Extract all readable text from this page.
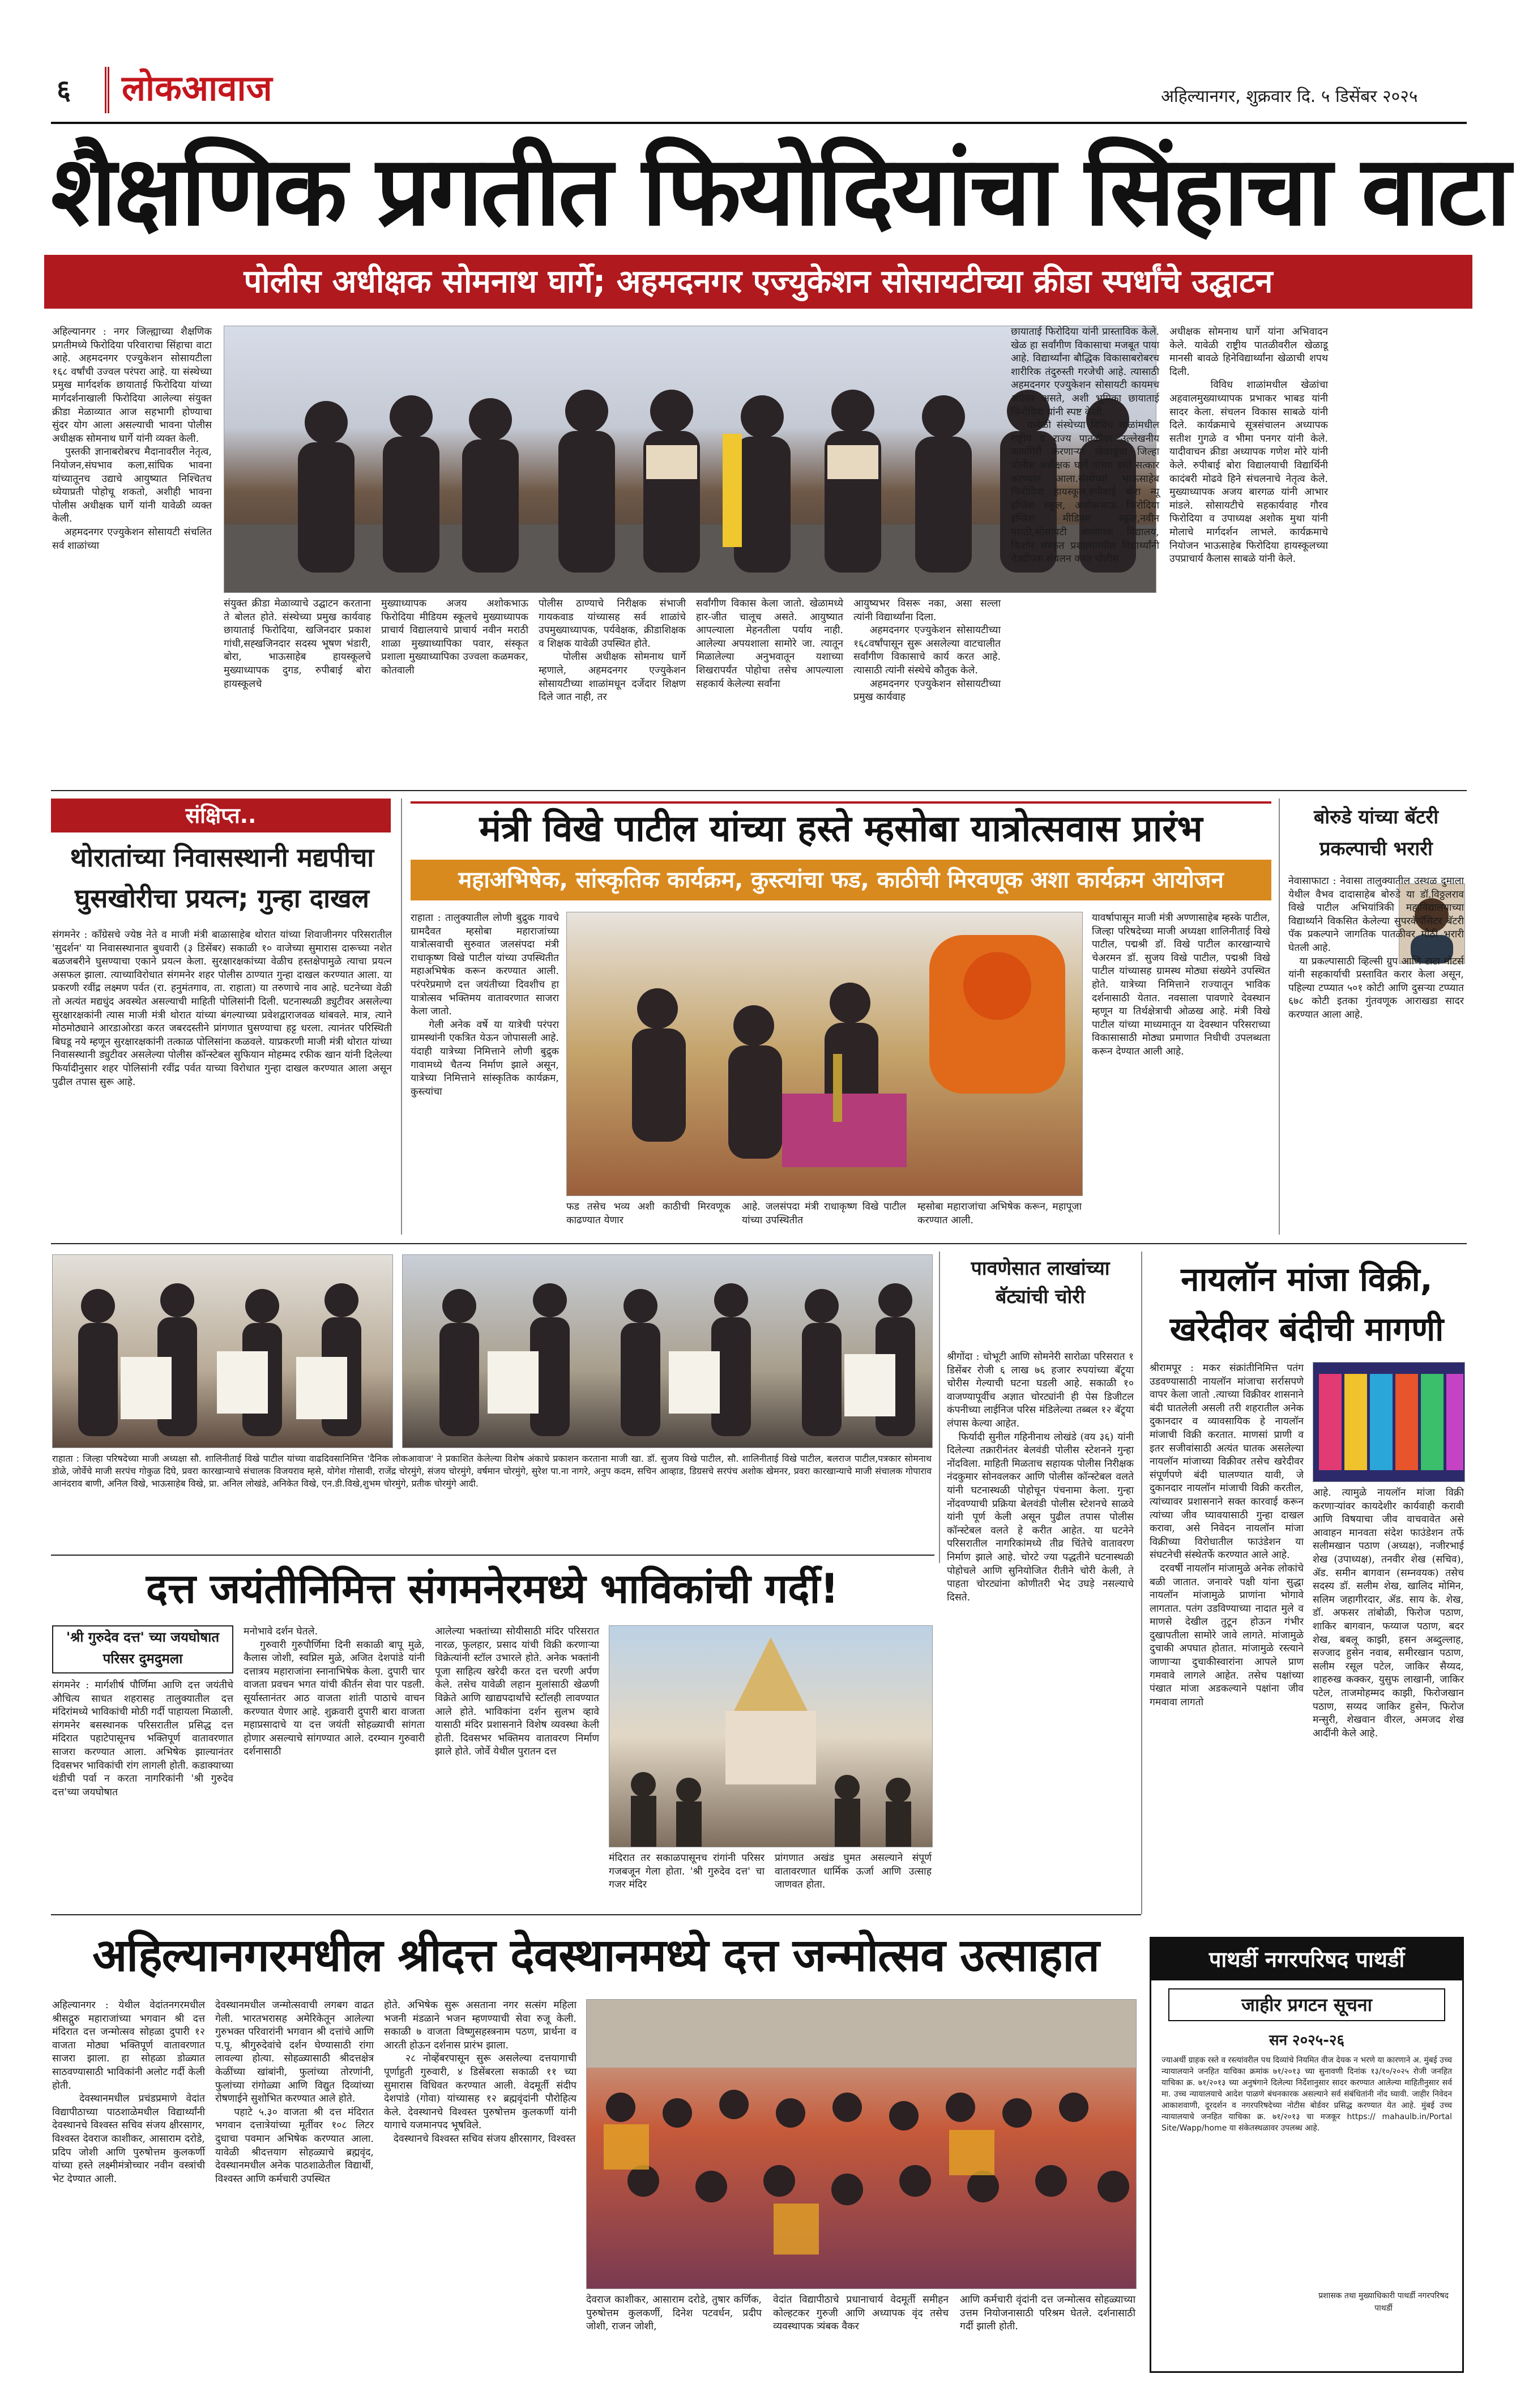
६ लोकआवाज	अहिल्यानगर, शुक्रवार दि. ५ डिसेंबर २०२५
शैक्षणिक प्रगतीत फियोदियांचा सिंहाचा वाटा
पोलीस अधीक्षक सोमनाथ घार्गे; अहमदनगर एज्युकेशन सोसायटीच्या क्रीडा स्पर्धांचे उद्घाटन
अहिल्यानगर : नगर जिल्ह्याच्या शैक्षणिक प्रगतीमध्ये फिरोदिया परिवाराचा सिंहाचा वाटा आहे. अहमदनगर एज्युकेशन सोसायटीला १६८ वर्षांची उज्वल परंपरा आहे. या संस्थेच्या प्रमुख मार्गदर्शक छायाताई फिरोदिया यांच्या मार्गदर्शनाखाली फिरोदिया आलेल्या संयुक्त क्रीडा मेळाव्यात आज सहभागी होण्याचा सुंदर योग आला असल्याची भावना पोलीस अधीक्षक सोमनाथ घार्गे यांनी व्यक्त केली.
पुस्तकी ज्ञानाबरोबरच मैदानावरील नेतृत्व, नियोजन,संघभाव कला,सांघिक भावना यांच्यातूनच उद्याचे आयुष्यात निश्चितच ध्येयाप्रती पोहोचू शकतो, अशीही भावना पोलीस अधीक्षक घार्गे यांनी यावेळी व्यक्त केली.
अहमदनगर एज्युकेशन सोसायटी संचलित सर्व शाळांच्या
संयुक्त क्रीडा मेळाव्याचे उद्घाटन करताना ते बोलत होते. संस्थेच्या प्रमुख कार्यवाह छायाताई फिरोदिया, खजिनदार प्रकाश गांधी,सह्खजिनदार सदस्य भूषण भंडारी, बोरा, भाऊसाहेब हायस्कूलचे मुख्याध्यापक दुगड, रुपीबाई बोरा हायस्कूलचे
मुख्याध्यापक अजय अशोकभाऊ फिरोदिया मीडियम स्कूलचे मुख्याध्यापक प्राचार्य विद्यालयाचे प्राचार्य नवीन मराठी शाळा मुख्याध्यापिका पवार, संस्कृत प्रशाला मुख्याध्यापिका उज्वला कळमकर, कोतवाली
पोलीस ठाण्याचे निरीक्षक संभाजी गायकवाड यांच्यासह सर्व शाळांचे उपमुख्याध्यापक, पर्यवेक्षक, क्रीडाशिक्षक व शिक्षक यावेळी उपस्थित होते.
पोलीस अधीक्षक सोमनाथ घार्गे म्हणाले, अहमदनगर एज्युकेशन सोसायटीच्या शाळांमधून दर्जेदार शिक्षण दिले जात नाही, तर
सर्वांगीण विकास केला जातो. खेळामध्ये हार-जीत चालूच असते. आयुष्यात आपल्याला मेहनतीला पर्याय नाही. आलेल्या अपयशाला सामोरे जा. त्यातून मिळालेल्या अनुभवातून यशाच्या शिखरापर्यंत पोहोचा तसेच आपल्याला सहकार्य केलेल्या सर्वांना
आयुष्यभर विसरू नका, असा सल्ला त्यांनी विद्यार्थ्यांना दिला.
अहमदनगर एज्युकेशन सोसायटीच्या १६८वर्षांपासून सुरू असलेल्या वाटचालीत सर्वांगीण विकासाचे कार्य करत आहे. त्यासाठी त्यांनी संस्थेचे कौतुक केले.
अहमदनगर एज्युकेशन सोसायटीच्या प्रमुख कार्यवाह
छायाताई फिरोदिया यांनी प्रास्ताविक केले. खेळ हा सर्वांगीण विकासाचा मजबूत पाया आहे. विद्यार्थ्यांना बौद्धिक विकासाबरोबरच शारीरिक तंदुरुस्ती गरजेची आहे. त्यासाठी अहमदनगर एज्युकेशन सोसायटी कायमच अग्रेसर असते, अशी भूमिका छायाताई फिरोदिया यांनी स्पष्ट केली.
यावेळी संस्थेच्या विविध शाळांमधील राष्ट्रीय व राज्य पातळीवर उल्लेखनीय कामगिरी करणाऱ्या खेळाडूंचा जिल्हा पोलीस अधीक्षक घार्गे यांच्या हस्ते सत्कार करण्यात आला.संस्थेच्या भाऊसाहेब फिरोदिया हायस्कूल,रुपीबाई बोरा न्यू इंग्लिश स्कूल, अशोकभाऊ फिरोदिया इंग्लिश मीडियम स्कूल,नवीन मराठी,सोसायटी अध्यापक विद्यालय, किशोर संस्कृत प्रशालामधील विद्यार्थ्यांनी नेत्रदीपक संचलन करत पोलीस
अधीक्षक सोमनाथ घार्गे यांना अभिवादन केले. यावेळी राष्ट्रीय पातळीवरील खेळाडू मानसी बावळे हिनेविद्यार्थ्यांना खेळाची शपथ दिली.
विविध शाळांमधील खेळांचा अहवालमुख्याध्यापक प्रभाकर भाबड यांनी सादर केला. संचलन विकास साबळे यांनी दिले. कार्यक्रमाचे सूत्रसंचालन अध्यापक सतीश गुगळे व भीमा पनगर यांनी केले. यादीवाचन क्रीडा अध्यापक गणेश मोरे यांनी केले. रुपीबाई बोरा विद्यालयाची विद्यार्थिनी कादंबरी मोढवे हिने संचलनाचे नेतृत्व केले. मुख्याध्यापक अजय बारगळ यांनी आभार मांडले. सोसायटीचे सहकार्यवाह गौरव फिरोदिया व उपाध्यक्ष अशोक मुथा यांनी मोलाचे मार्गदर्शन लाभले. कार्यक्रमाचे नियोजन भाऊसाहेब फिरोदिया हायस्कूलच्या उपप्राचार्य कैलास साबळे यांनी केले.
संक्षिप्त..
थोरातांच्या निवासस्थानी मद्यपीचा घुसखोरीचा प्रयत्न; गुन्हा दाखल
संगमनेर : काँग्रेसचे ज्येष्ठ नेते व माजी मंत्री बाळासाहेब थोरात यांच्या शिवाजीनगर परिसरातील 'सुदर्शन' या निवासस्थानात बुधवारी (३ डिसेंबर) सकाळी १० वाजेच्या सुमारास दारूच्या नशेत बळजबरीने घुसण्याचा एकाने प्रयत्न केला. सुरक्षारक्षकांच्या वेळीच हस्तक्षेपामुळे त्याचा प्रयत्न असफल झाला. त्याच्याविरोधात संगमनेर शहर पोलीस ठाण्यात गुन्हा दाखल करण्यात आला. या प्रकरणी रवींद्र लक्ष्मण पर्वत (रा. हनुमंतगाव, ता. राहाता) या तरुणाचे नाव आहे. घटनेच्या वेळी तो अत्यंत मद्यधुंद अवस्थेत असल्याची माहिती पोलिसांनी दिली. घटनास्थळी ड्युटीवर असलेल्या सुरक्षारक्षकांनी त्यास माजी मंत्री थोरात यांच्या बंगल्याच्या प्रवेशद्वाराजवळ थांबवले. मात्र, त्याने मोठमोठ्याने आरडाओरडा करत जबरदस्तीने प्रांगणात घुसण्याचा हट्ट धरला. त्यानंतर परिस्थिती बिघडू नये म्हणून सुरक्षारक्षकांनी तत्काळ पोलिसांना कळवले. याप्रकरणी माजी मंत्री थोरात यांच्या निवासस्थानी ड्युटीवर असलेल्या पोलीस कॉन्स्टेबल सुफियान मोहम्मद रफीक खान यांनी दिलेल्या फिर्यादीनुसार शहर पोलिसांनी रवींद्र पर्वत याच्या विरोधात गुन्हा दाखल करण्यात आला असून पुढील तपास सुरू आहे.
मंत्री विखे पाटील यांच्या हस्ते म्हसोबा यात्रोत्सवास प्रारंभ
महाअभिषेक, सांस्कृतिक कार्यक्रम, कुस्त्यांचा फड, काठीची मिरवणूक अशा कार्यक्रम आयोजन
राहाता : तालुक्यातील लोणी बुद्रुक गावचे ग्रामदैवत म्हसोबा महाराजांच्या यात्रोत्सवाची सुरुवात जलसंपदा मंत्री राधाकृष्ण विखे पाटील यांच्या उपस्थितीत महाअभिषेक करून करण्यात आली. परंपरेप्रमाणे दत्त जयंतीच्या दिवशीच हा यात्रोत्सव भक्तिमय वातावरणात साजरा केला जातो.
गेली अनेक वर्षे या यात्रेची परंपरा ग्रामस्थांनी एकत्रित येऊन जोपासली आहे. यंदाही यात्रेच्या निमित्ताने लोणी बुद्रुक गावामध्ये चैतन्य निर्माण झाले असून, यात्रेच्या निमित्ताने सांस्कृतिक कार्यक्रम, कुस्त्यांचा
फड तसेच भव्य अशी काठीची मिरवणूक काढण्यात येणार
आहे. जलसंपदा मंत्री राधाकृष्ण विखे पाटील यांच्या उपस्थितीत
म्हसोबा महाराजांचा अभिषेक करून, महापूजा करण्यात आली.
यावर्षापासून माजी मंत्री अण्णासाहेब म्हस्के पाटील, जिल्हा परिषदेच्या माजी अध्यक्षा शालिनीताई विखे पाटील, पद्मश्री डॉ. विखे पाटील कारखान्याचे चेअरमन डॉ. सुजय विखे पाटील, पद्मश्री विखे पाटील यांच्यासह ग्रामस्थ मोठ्या संख्येने उपस्थित होते. यात्रेच्या निमित्ताने राज्यातून भाविक दर्शनासाठी येतात. नवसाला पावणारे देवस्थान म्हणून या तिर्थक्षेत्राची ओळख आहे. मंत्री विखे पाटील यांच्या माध्यमातून या देवस्थान परिसराच्या विकासासाठी मोठ्या प्रमाणात निधीची उपलब्धता करून देण्यात आली आहे.
बोरुडे यांच्या बॅटरी प्रकल्पाची भरारी
नेवासाफाटा : नेवासा तालुक्यातील उस्थळ दुमाला येथील वैभव दादासाहेब बोरुडे या डॉ.विठ्ठलराव विखे पाटील अभियांत्रिकी महाविद्यालयाच्या विद्यार्थ्याने विकसित केलेल्या सुपरकॅपॅसिटर बॅटरी पॅक प्रकल्पाने जागतिक पातळीवर मोठी भरारी घेतली आहे.
या प्रकल्पासाठी व्हिल्सी ग्रुप आणि टाटा मोटर्स यांनी सहकार्याची प्रस्तावित करार केला असून, पहिल्या टप्प्यात ५०१ कोटी आणि दुसऱ्या टप्प्यात ६७८ कोटी इतका गुंतवणूक आराखडा सादर करण्यात आला आहे.
राहाता : जिल्हा परिषदेच्या माजी अध्यक्षा सौ. शालिनीताई विखे पाटील यांच्या वाढदिवसानिमित्त 'दैनिक लोकआवाज' ने प्रकाशित केलेल्या विशेष अंकाचे प्रकाशन करताना माजी खा. डॉ. सुजय विखे पाटील, सौ. शालिनीताई विखे पाटील, बलराज पाटील,पत्रकार सोमनाथ डोळे, जोर्वेचे माजी सरपंच गोकुळ दिघे, प्रवरा कारखान्याचे संचालक विजयराव म्हसे, योगेश गोसावी, राजेंद्र चोरमुंगे, संजय चोरमुंगे, वर्षमान चोरमुंगे, सुरेश पा.ना नागरे, अनुप कदम, सचिन आव्हाड, डिग्रसचे सरपंच अशोक खेमनर, प्रवरा कारखान्याचे माजी संचालक गोपाराव आनंदराव बाणी, अनिल विखे, भाऊसाहेब विखे, प्रा. अनिल लोखंडे, अनिकेत विखे, एन.डी.विखे,शुभम चोरमुंगे, प्रतीक चोरमुंगे आदी.
पावणेसात लाखांच्या बॅट्यांची चोरी
श्रीगोंदा : चोभूटी आणि सोमनेरी सारोळा परिसरात १ डिसेंबर रोजी ६ लाख ७६ हजार रुपयांच्या बॅट्र्या चोरीस गेल्याची घटना घडली आहे. सकाळी १० वाजण्यापूर्वीच अज्ञात चोरट्यांनी ही पेस डिजीटल कंपनीच्या लाईनिज परिस मंडिलेल्या तब्बल १२ बॅट्र्या लंपास केल्या आहेत.
फिर्यादी सुनील गहिनीनाथ लोखंडे (वय ३६) यांनी दिलेल्या तक्रारीनंतर बेलवंडी पोलीस स्टेशनने गुन्हा नोंदविला. माहिती मिळताच सहायक पोलीस निरीक्षक नंदकुमार सोनवलकर आणि पोलीस कॉन्स्टेबल वलते यांनी घटनास्थळी पोहोचून पंचनामा केला. गुन्हा नोंदवण्याची प्रक्रिया बेलवंडी पोलीस स्टेशनचे साळवे यांनी पूर्ण केली असून पुढील तपास पोलीस कॉन्स्टेबल वलते हे करीत आहेत. या घटनेने परिसरातील नागरिकांमध्ये तीव्र चिंतेचे वातावरण निर्माण झाले आहे. चोरटे ज्या पद्धतीने घटनास्थळी पोहोचले आणि सुनियोजित रीतीने चोरी केली, ते पाहता चोरट्यांना कोणीतरी भेद उघड़े नसल्याचे दिसते.
नायलॉन मांजा विक्री, खरेदीवर बंदीची मागणी
श्रीरामपूर : मकर संक्रांतीनिमित्त पतंग उडवण्यासाठी नायलॉन मांजाचा सर्रासपणे वापर केला जातो .त्याच्या विक्रीवर शासनाने बंदी घातलेली असली तरी शहरातील अनेक दुकानदार व व्यावसायिक हे नायलॉन मांजाची विक्री करतात. माणसां प्राणी व इतर सजीवांसाठी अत्यंत घातक असलेल्या नायलॉन मांजाच्या विक्रीवर तसेच खरेदीवर संपूर्णपणे बंदी घालण्यात यावी, जे दुकानदार नायलॉन मांजाची विक्री करतील, त्यांच्यावर प्रशासनाने सक्त कारवाई करून त्यांच्या जीव घ्यावयासाठी गुन्हा दाखल करावा, असे निवेदन नायलॉन मांजा विक्रीच्या विरोधातील फाउंडेशन या संघटनेची संस्थेतर्फे करण्यात आले आहे.
दरवर्षी नायलॉन मांजामुळे अनेक लोकांचे बळी जातात. जनावरे पक्षी यांना सुद्धा नायलॉन मांजामुळे प्राणांना भोगावे लागतात. पतंग उडविण्याच्या नादात मुले व माणसे देखील तुटून होऊन गंभीर दुखापतीला सामोरे जावे लागते. मांजामुळे दुचाकी अपघात होतात. मांजामुळे रस्त्याने जाणाऱ्या दुचाकीस्वारांना आपले प्राण गमवावे लागले आहेत. तसेच पक्षांच्या पंखात मांजा अडकल्याने पक्षांना जीव गमवावा लागतो
आहे. त्यामुळे नायलॉन मांजा विक्री करणाऱ्यांवर कायदेशीर कार्यवाही करावी आणि विषयाचा जीव वाचवावेत असे आवाहन मानवता संदेश फाउंडेशन तर्फे सलीमखान पठाण (अध्यक्ष), नजीरभाई शेख (उपाध्यक्ष), तनवीर शेख (सचिव), ॲड. समीन बागवान (सम्नवयक) तसेच सदस्य डॉ. सलीम शेख, खालिद मोमिन, सलिम जहागीरदार, ॲड. साय के. शेख, डॉ. अफसर तांबोळी, फिरोज पठाण, शाकिर बागवान, फय्याज पठाण, बदर शेख, बबलू काझी, हसन अब्दुल्लाह, सज्जाद हुसेन नवाब, समीरखान पठाण, सलीम रसूल पटेल, जाकिर सैय्यद, शाहरुख कक्कर, युसुफ लाखानी, जाकिर पटेल, ताजमोहम्मद काझी, फिरोजखान पठाण, सय्यद जाकिर हुसेन, फिरोज मन्सुरी, शेखवान वीरल, अमजद शेख आदींनी केले आहे.
दत्त जयंतीनिमित्त संगमनेरमध्ये भाविकांची गर्दी!
'श्री गुरुदेव दत्त' च्या जयघोषात परिसर दुमदुमला
संगमनेर : मार्गशीर्ष पौर्णिमा आणि दत्त जयंतीचे औचित्य साधत शहरासह तालुक्यातील दत्त मंदिरांमध्ये भाविकांची मोठी गर्दी पाहायला मिळाली. संगमनेर बसस्थानक परिसरातील प्रसिद्ध दत्त मंदिरात पहाटेपासूनच भक्तिपूर्ण वातावरणात साजरा करण्यात आला. अभिषेक झाल्यानंतर दिवसभर भाविकांची रांग लागली होती. कडाक्याच्या थंडीची पर्वा न करता नागरिकांनी 'श्री गुरुदेव दत्त'च्या जयघोषात
मनोभावे दर्शन घेतले.
गुरुवारी गुरुपौर्णिमा दिनी सकाळी बापू मुळे, कैलास जोशी, स्वप्निल मुळे, अजित देशपांडे यांनी दत्तात्रय महाराजांना स्नानाभिषेक केला. दुपारी चार वाजता प्रवचन भगत यांची कीर्तन सेवा पार पडली. सूर्यास्तानंतर आठ वाजता शांती पाठाचे वाचन करण्यात येणार आहे. शुक्रवारी दुपारी बारा वाजता महाप्रसादाचे या दत्त जयंती सोहळ्याची सांगता होणार असल्याचे सांगण्यात आले. दरम्यान गुरुवारी दर्शनासाठी
आलेल्या भक्तांच्या सोयीसाठी मंदिर परिसरात नारळ, फुलहार, प्रसाद यांची विक्री करणाऱ्या विक्रेत्यांनी स्टॉल उभारले होते. अनेक भक्तांनी पूजा साहित्य खरेदी करत दत्त चरणी अर्पण केले. तसेच यावेळी लहान मुलांसाठी खेळणी विक्रेते आणि खाद्यपदार्थांचे स्टॉलही लावण्यात आले होते. भाविकांना दर्शन सुलभ व्हावे यासाठी मंदिर प्रशासनाने विशेष व्यवस्था केली होती. दिवसभर भक्तिमय वातावरण निर्माण झाले होते. जोर्वे येथील पुरातन दत्त
मंदिरात तर सकाळपासूनच रांगांनी परिसर गजबजून गेला होता. 'श्री गुरुदेव दत्त' चा गजर मंदिर
प्रांगणात अखंड घुमत असल्याने संपूर्ण वातावरणात धार्मिक ऊर्जा आणि उत्साह जाणवत होता.
अहिल्यानगरमधील श्रीदत्त देवस्थानमध्ये दत्त जन्मोत्सव उत्साहात
अहिल्यानगर : येथील वेदांतनगरमधील श्रीसद्गुरु महाराजांच्या भगवान श्री दत्त मंदिरात दत्त जन्मोत्सव सोहळा दुपारी १२ वाजता मोठ्या भक्तिपूर्ण वातावरणात साजरा झाला. हा सोहळा डोळ्यात साठवण्यासाठी भाविकांनी अलोट गर्दी केली होती.
देवस्थानमधील प्रचंडप्रमाणे वेदांत विद्यापीठाच्या पाठशाळेमधील विद्यार्थ्यांनी देवस्थानचे विश्वस्त सचिव संजय क्षीरसागर, विश्वस्त देवराज काशीकर, आसाराम दरोडे, प्रदिप जोशी आणि पुरुषोत्तम कुलकर्णी यांच्या हस्ते लक्ष्मीमंत्रोच्चार नवीन वस्त्रांची भेट देण्यात आली.
देवस्थानमधील जन्मोत्सवाची लगबग वाढत गेली. भारतभरासह अमेरिकेतून आलेल्या गुरुभक्त परिवारांनी भगवान श्री दत्तांचे आणि प.पू. श्रीगुरुदेवांचे दर्शन घेण्यासाठी रांगा लावल्या होत्या. सोहळ्यासाठी श्रीदत्तक्षेत्र केळींच्या खांबांनी, फुलांच्या तोरणांनी, फुलांच्या रांगोळ्या आणि विद्युत दिव्यांच्या रोषणाईने सुशोभित करण्यात आले होते.
पहाटे ५.३० वाजता श्री दत्त मंदिरात भगवान दत्तात्रेयांच्या मूर्तीवर १०८ लिटर दुधाचा पवमान अभिषेक करण्यात आला. यावेळी श्रीदत्तयाग सोहळ्याचे ब्रह्मवृंद, देवस्थानमधील अनेक पाठशाळेतील विद्यार्थी, विश्वस्त आणि कर्मचारी उपस्थित
होते. अभिषेक सुरू असताना नगर सत्संग महिला भजनी मंडळाने भजन म्हणण्याची सेवा रुजू केली. सकाळी ७ वाजता विष्णुसहस्त्रनाम पठण, प्रार्थना व आरती होऊन दर्शनास प्रारंभ झाला.
२८ नोव्हेंबरपासून सुरू असलेल्या दत्तयागाची पूर्णाहुती गुरुवारी, ४ डिसेंबरला सकाळी ११ च्या सुमारास विधिवत करण्यात आली. वेदमूर्ती संदीप देशपांडे (गोवा) यांच्यासह १२ ब्रह्मवृंदांनी पौरोहित्य केले. देवस्थानचे विश्वस्त पुरुषोत्तम कुलकर्णी यांनी यागाचे यजमानपद भूषविले.
देवस्थानचे विश्वस्त सचिव संजय क्षीरसागर, विश्वस्त
देवराज काशीकर, आसाराम दरोडे, तुषार कर्णिक, पुरुषोत्तम कुलकर्णी, दिनेश पटवर्धन, प्रदीप जोशी, राजन जोशी,
वेदांत विद्यापीठाचे प्रधानाचार्य वेदमूर्ती समीहन कोल्हटकर गुरुजी आणि अध्यापक वृंद तसेच व्यवस्थापक त्र्यंबक वैकर
आणि कर्मचारी वृंदांनी दत्त जन्मोत्सव सोहळ्याच्या उत्तम नियोजनासाठी परिश्रम घेतले. दर्शनासाठी गर्दी झाली होती.
पाथर्डी नगरपरिषद पाथर्डी
जाहीर प्रगटन सूचना
सन २०२५-२६
ज्याअर्थी ग्राहक रस्ते व रस्त्यांवरील पथ दिव्यांचे नियमित वीज देयक न भरणे या कारणाने अ. मुंबई उच्च न्यायालयाने जनहित याचिका क्रमांक ७१/२०१३ च्या सुनावणी दिनांक १३/१०/२०२५ रोजी जनहित याचिका क्र. ७१/२०१३ च्या अनुषंगाने दिलेल्या निर्देशानुसार सादर करण्यात आलेल्या माहितीनुसार सर्व मा. उच्च न्यायालयाचे आदेश पाळणे बंधनकारक असल्याने सर्व संबंधितांनी नोंद घ्यावी. जाहीर निवेदन आकाशवाणी, दूरदर्शन व नगरपरिषदेच्या नोटीस बोर्डवर प्रसिद्ध करण्यात येत आहे. मुंबई उच्च न्यायालयाचे जनहित याचिका क्र. ७१/२०१३ चा मजकूर https:// mahaulb.in/Portal Site/Wapp/home या संकेतस्थळावर उपलब्ध आहे.
प्रशासक तथा मुख्याधिकारी पाथर्डी नगरपरिषद पाथर्डी
